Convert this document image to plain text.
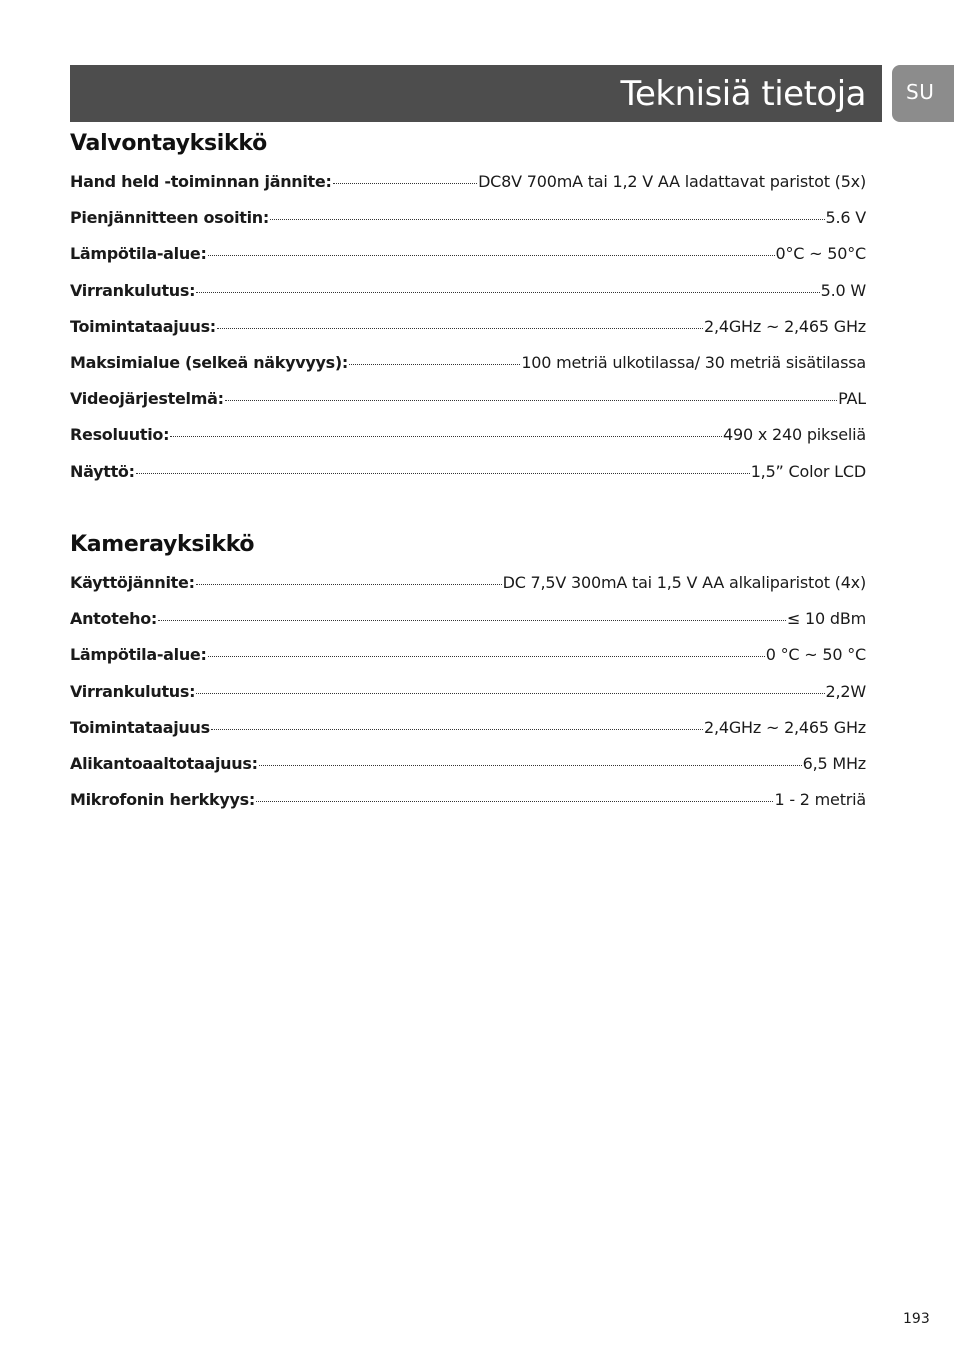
Teknisiä tietoja SU
Valvontayksikkö
Hand held -toiminnan jännite:	DC8V 700mA tai 1,2 V AA ladattavat paristot (5x)
Pienjännitteen osoitin:	5.6 V
Lämpötila-alue:	0°C ~ 50°C
Virrankulutus:	5.0 W
Toimintataajuus:	2,4GHz ~ 2,465 GHz
Maksimialue (selkeä näkyvyys):	100 metriä ulkotilassa/ 30 metriä sisätilassa
Videojärjestelmä:	PAL
Resoluutio:	490 x 240 pikseliä
Näyttö:	1,5” Color LCD
Kamerayksikkö
Käyttöjännite:	DC 7,5V 300mA tai 1,5 V AA alkaliparistot (4x)
Antoteho:	≤ 10 dBm
Lämpötila-alue:	0 °C ~ 50 °C
Virrankulutus:	2,2W
Toimintataajuus	2,4GHz ~ 2,465 GHz
Alikantoaaltotaajuus:	6,5 MHz
Mikrofonin herkkyys:	1 - 2 metriä
193
